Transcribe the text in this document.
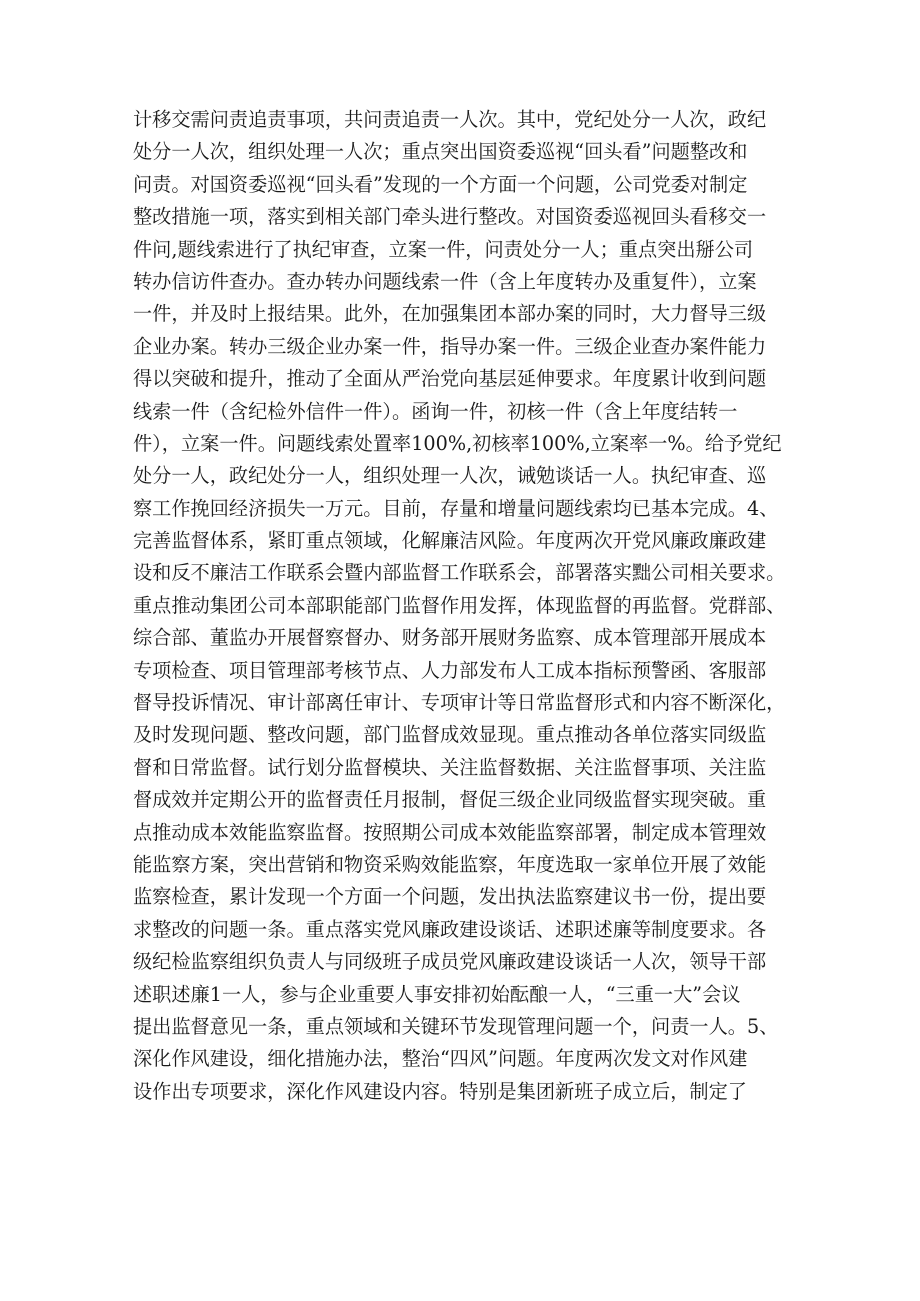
计移交需问责追责事项，共问责追责一人次。其中，党纪处分一人次，政纪
处分一人次，组织处理一人次；重点突出国资委巡视“回头看”问题整改和
问责。对国资委巡视“回头看”发现的一个方面一个问题，公司党委对制定
整改措施一项，落实到相关部门牵头进行整改。对国资委巡视回头看移交一
件问,题线索进行了执纪审查，立案一件，问责处分一人；重点突出掰公司
转办信访件查办。查办转办问题线索一件（含上年度转办及重复件），立案
一件，并及时上报结果。此外，在加强集团本部办案的同时，大力督导三级
企业办案。转办三级企业办案一件，指导办案一件。三级企业查办案件能力
得以突破和提升，推动了全面从严治党向基层延伸要求。年度累计收到问题
线索一件（含纪检外信件一件）。函询一件，初核一件（含上年度结转一
件），立案一件。问题线索处置率100%,初核率100%,立案率一%。给予党纪
处分一人，政纪处分一人，组织处理一人次，诫勉谈话一人。执纪审查、巡
察工作挽回经济损失一万元。目前，存量和增量问题线索均已基本完成。4、
完善监督体系，紧盯重点领域，化解廉洁风险。年度两次开党风廉政廉政建
设和反不廉洁工作联系会暨内部监督工作联系会，部署落实黜公司相关要求。
重点推动集团公司本部职能部门监督作用发挥，体现监督的再监督。党群部、
综合部、董监办开展督察督办、财务部开展财务监察、成本管理部开展成本
专项检查、项目管理部考核节点、人力部发布人工成本指标预警函、客服部
督导投诉情况、审计部离任审计、专项审计等日常监督形式和内容不断深化，
及时发现问题、整改问题，部门监督成效显现。重点推动各单位落实同级监
督和日常监督。试行划分监督模块、关注监督数据、关注监督事项、关注监
督成效并定期公开的监督责任月报制，督促三级企业同级监督实现突破。重
点推动成本效能监察监督。按照期公司成本效能监察部署，制定成本管理效
能监察方案，突出营销和物资采购效能监察，年度选取一家单位开展了效能
监察检查，累计发现一个方面一个问题，发出执法监察建议书一份，提出要
求整改的问题一条。重点落实党风廉政建设谈话、述职述廉等制度要求。各
级纪检监察组织负责人与同级班子成员党风廉政建设谈话一人次，领导干部
述职述廉1一人，参与企业重要人事安排初始酝酿一人，“三重一大”会议
提出监督意见一条，重点领域和关键环节发现管理问题一个，问责一人。5、
深化作风建设，细化措施办法，整治“四风”问题。年度两次发文对作风建
设作出专项要求，深化作风建设内容。特别是集团新班子成立后，制定了
